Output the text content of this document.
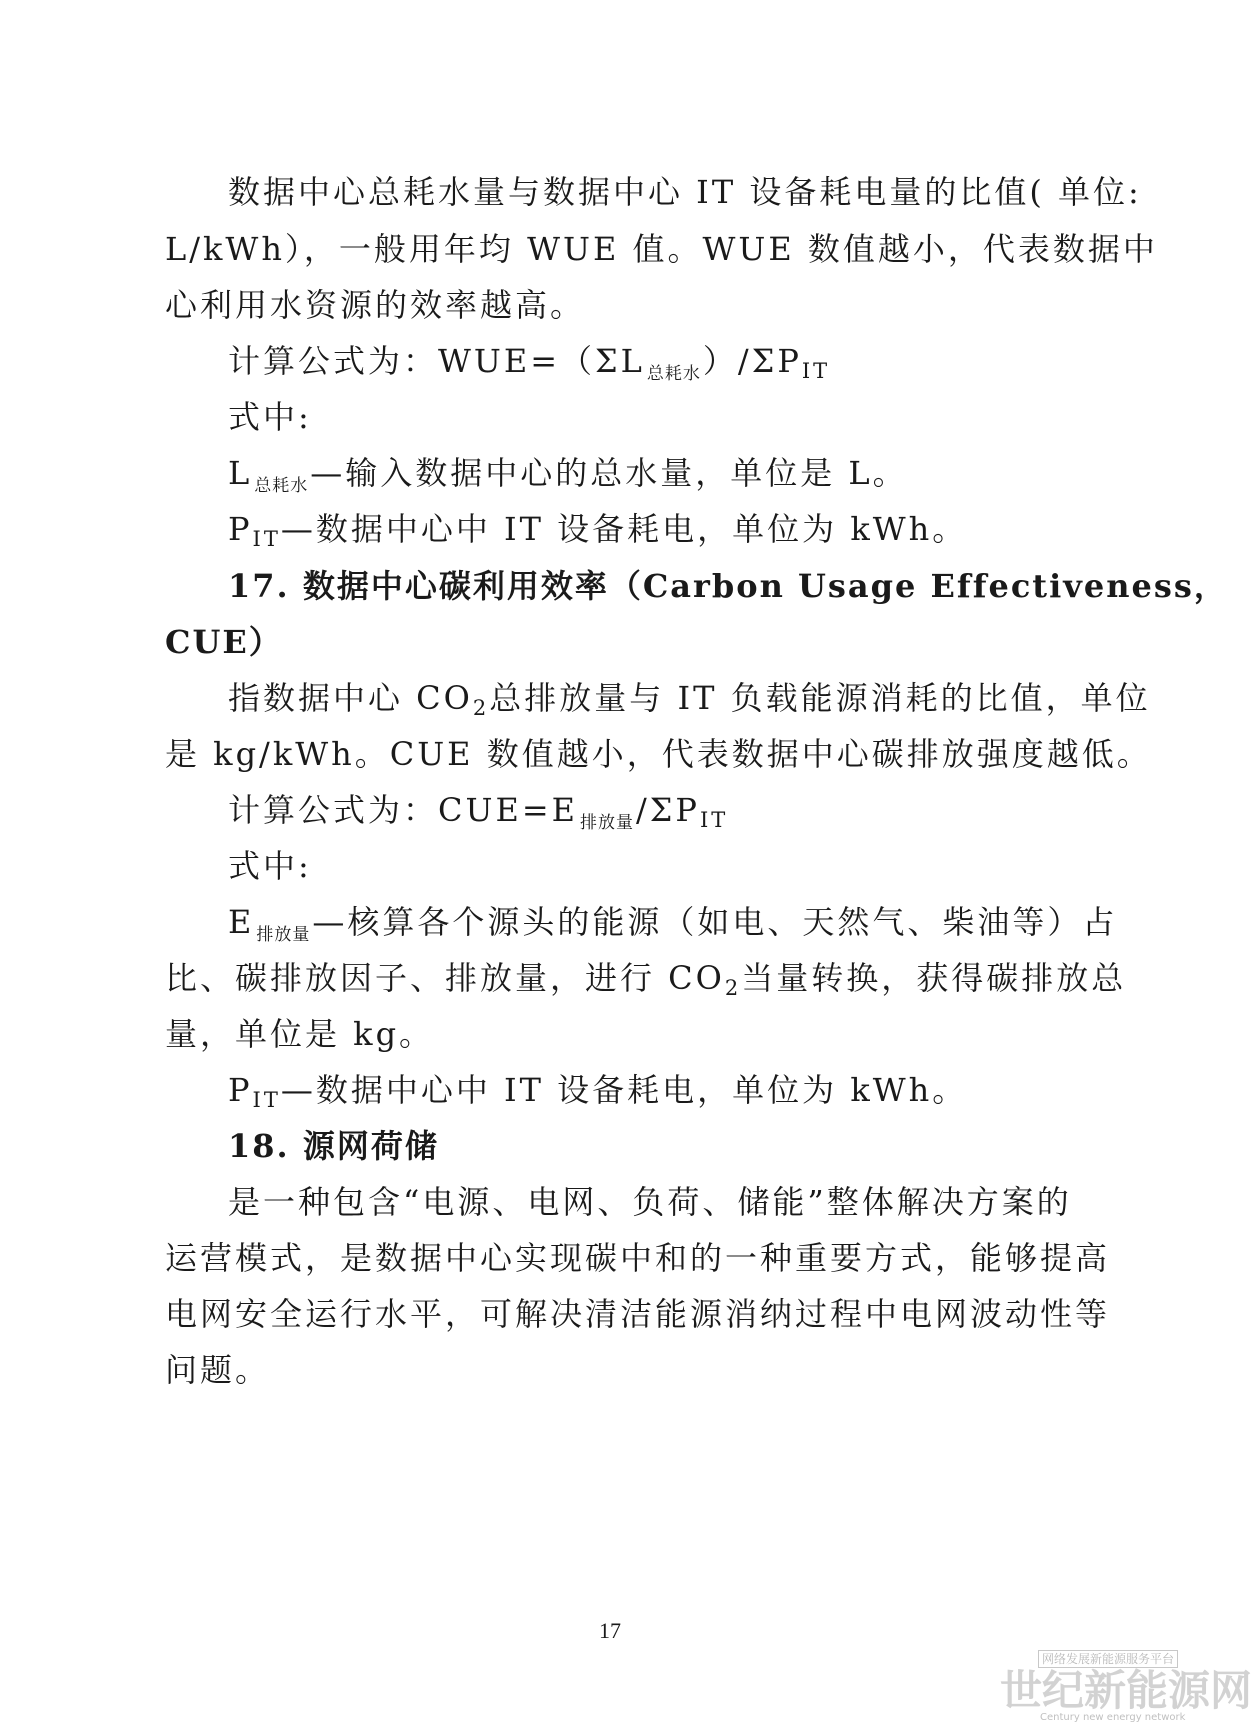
数据中心总耗水量与数据中心 IT 设备耗电量的比值( 单位:
L/kWh），一般用年均 WUE 值。WUE 数值越小，代表数据中
心利用水资源的效率越高。
计算公式为：WUE=（ΣL $_{总耗水}$）/ΣPIT
式中:
L $_{总耗水}$—输入数据中心的总水量，单位是 L。
PIT—数据中心中 IT 设备耗电，单位为 kWh。
17. 数据中心碳利用效率（Carbon Usage Effectiveness，
CUE）
指数据中心 CO2总排放量与 IT 负载能源消耗的比值，单位
是 kg/kWh。CUE 数值越小，代表数据中心碳排放强度越低。
计算公式为：CUE=E $_{排放量}$/ΣPIT
式中:
E $_{排放量}$—核算各个源头的能源（如电、天然气、柴油等）占
比、碳排放因子、排放量，进行 CO2当量转换，获得碳排放总
量，单位是 kg。
PIT—数据中心中 IT 设备耗电，单位为 kWh。
18. 源网荷储
是一种包含“电源、电网、负荷、储能”整体解决方案的
运营模式，是数据中心实现碳中和的一种重要方式，能够提高
电网安全运行水平，可解决清洁能源消纳过程中电网波动性等
问题。
17
网络发展新能源服务平台
世纪新能源网
Century new energy network
